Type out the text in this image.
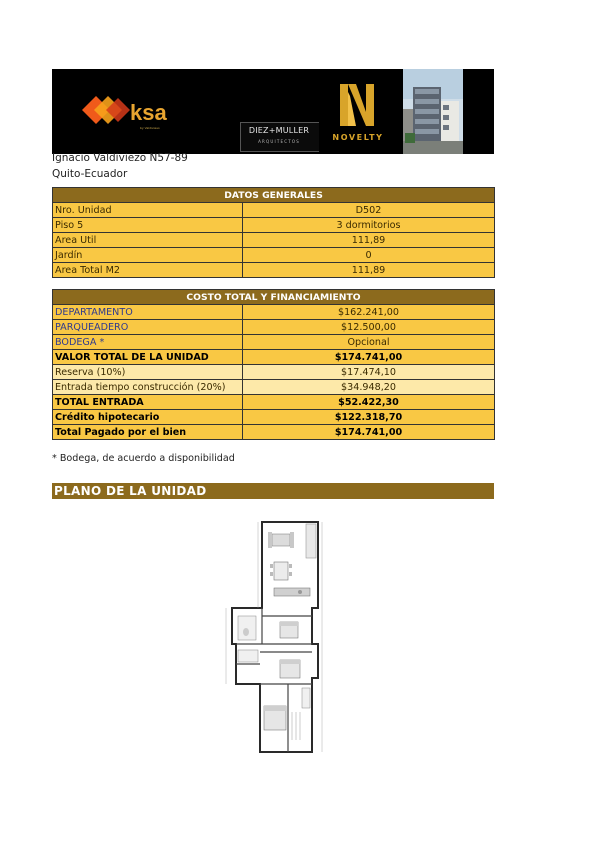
ksa
by Valdivieso	DIEZ+MULLER
ARQUITECTOS	NOVELTY
Ignacio Valdiviezo N57-89
Quito-Ecuador
DATOS GENERALES	
Nro. Unidad	D502
Piso 5	3 dormitorios
Area Util	111,89
Jardín	0
Area Total M2	111,89
COSTO TOTAL Y FINANCIAMIENTO	
DEPARTAMENTO	$162.241,00
PARQUEADERO	$12.500,00
BODEGA *	Opcional
VALOR TOTAL DE LA UNIDAD	$174.741,00
Reserva (10%)	$17.474,10
Entrada tiempo construcción (20%)	$34.948,20
TOTAL ENTRADA	$52.422,30
Crédito hipotecario	$122.318,70
Total Pagado por el bien	$174.741,00
* Bodega, de acuerdo a disponibilidad
PLANO DE LA UNIDAD
